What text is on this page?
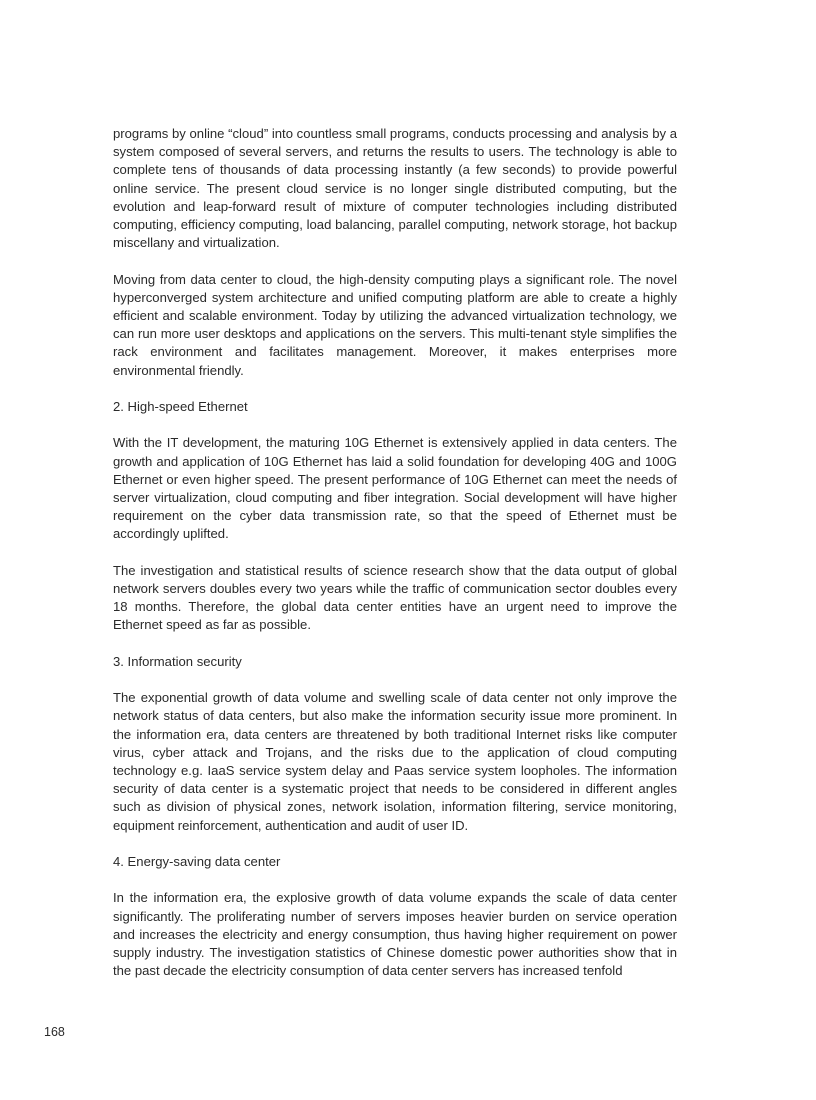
programs by online “cloud” into countless small programs, conducts processing and analysis by a system composed of several servers, and returns the results to users. The technology is able to complete tens of thousands of data processing instantly (a few seconds) to provide powerful online service. The present cloud service is no longer single distributed computing, but the evolution and leap-forward result of mixture of computer technologies including distributed computing, efficiency computing, load balancing, parallel computing, network storage, hot backup miscellany and virtualization.

Moving from data center to cloud, the high-density computing plays a significant role. The novel hyperconverged system architecture and unified computing platform are able to create a highly efficient and scalable environment. Today by utilizing the advanced virtualization technology, we can run more user desktops and applications on the servers. This multi-tenant style simplifies the rack environment and facilitates management. Moreover, it makes enterprises more environmental friendly.

2. High-speed Ethernet

With the IT development, the maturing 10G Ethernet is extensively applied in data centers. The growth and application of 10G Ethernet has laid a solid foundation for developing 40G and 100G Ethernet or even higher speed. The present performance of 10G Ethernet can meet the needs of server virtualization, cloud computing and fiber integration. Social development will have higher requirement on the cyber data transmission rate, so that the speed of Ethernet must be accordingly uplifted.

The investigation and statistical results of science research show that the data output of global network servers doubles every two years while the traffic of communication sector doubles every 18 months. Therefore, the global data center entities have an urgent need to improve the Ethernet speed as far as possible.

3. Information security

The exponential growth of data volume and swelling scale of data center not only improve the network status of data centers, but also make the information security issue more prominent. In the information era, data centers are threatened by both traditional Internet risks like computer virus, cyber attack and Trojans, and the risks due to the application of cloud computing technology e.g. IaaS service system delay and Paas service system loopholes. The information security of data center is a systematic project that needs to be considered in different angles such as division of physical zones, network isolation, information filtering, service monitoring, equipment reinforcement, authentication and audit of user ID.

4. Energy-saving data center

In the information era, the explosive growth of data volume expands the scale of data center significantly. The proliferating number of servers imposes heavier burden on service operation and increases the electricity and energy consumption, thus having higher requirement on power supply industry. The investigation statistics of Chinese domestic power authorities show that in the past decade the electricity consumption of data center servers has increased tenfold

168
